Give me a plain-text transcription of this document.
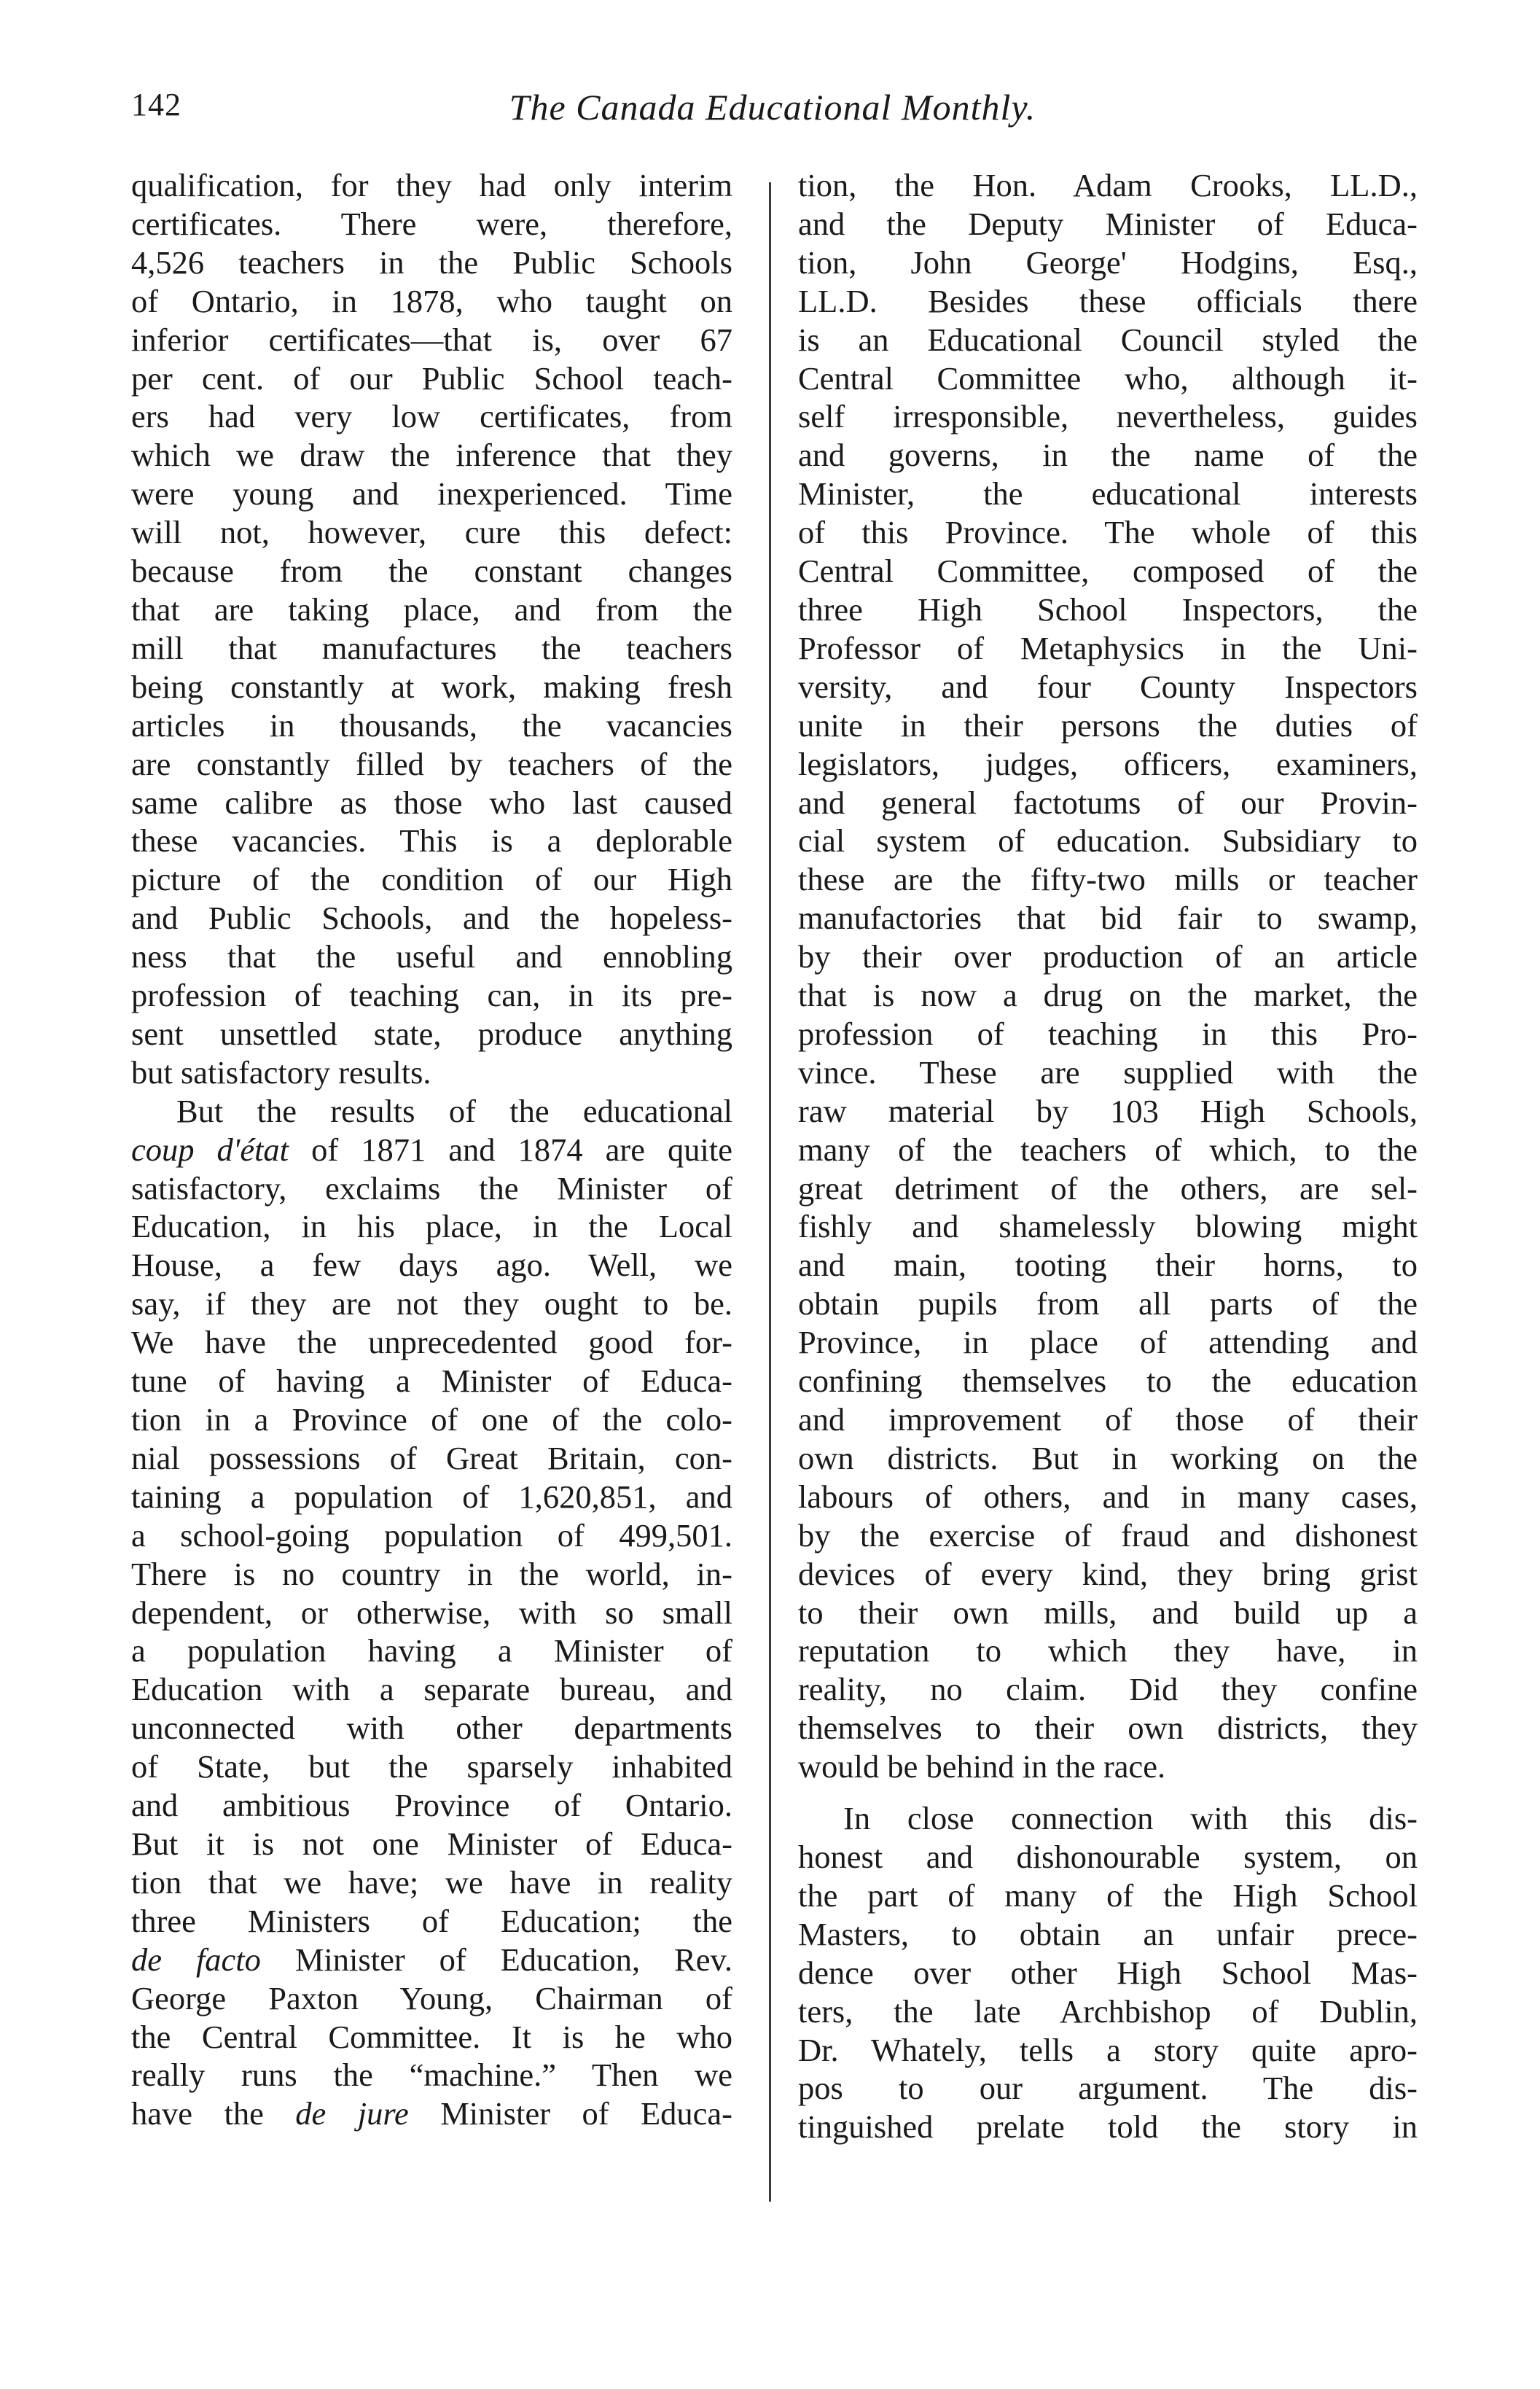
142	The Canada Educational Monthly.

qualification, for they had only interim
certificates. There were, therefore,
4,526 teachers in the Public Schools
of Ontario, in 1878, who taught on
inferior certificates—that is, over 67
per cent. of our Public School teach-
ers had very low certificates, from
which we draw the inference that they
were young and inexperienced. Time
will not, however, cure this defect:
because from the constant changes
that are taking place, and from the
mill that manufactures the teachers
being constantly at work, making fresh
articles in thousands, the vacancies
are constantly filled by teachers of the
same calibre as those who last caused
these vacancies. This is a deplorable
picture of the condition of our High
and Public Schools, and the hopeless-
ness that the useful and ennobling
profession of teaching can, in its pre-
sent unsettled state, produce anything
but satisfactory results.

But the results of the educational
coup d'état of 1871 and 1874 are quite
satisfactory, exclaims the Minister of
Education, in his place, in the Local
House, a few days ago. Well, we
say, if they are not they ought to be.
We have the unprecedented good for-
tune of having a Minister of Educa-
tion in a Province of one of the colo-
nial possessions of Great Britain, con-
taining a population of 1,620,851, and
a school-going population of 499,501.
There is no country in the world, in-
dependent, or otherwise, with so small
a population having a Minister of
Education with a separate bureau, and
unconnected with other departments
of State, but the sparsely inhabited
and ambitious Province of Ontario.
But it is not one Minister of Educa-
tion that we have; we have in reality
three Ministers of Education; the
de facto Minister of Education, Rev.
George Paxton Young, Chairman of
the Central Committee. It is he who
really runs the “machine.” Then we
have the de jure Minister of Educa-

tion, the Hon. Adam Crooks, LL.D.,
and the Deputy Minister of Educa-
tion, John George' Hodgins, Esq.,
LL.D. Besides these officials there
is an Educational Council styled the
Central Committee who, although it-
self irresponsible, nevertheless, guides
and governs, in the name of the
Minister, the educational interests
of this Province. The whole of this
Central Committee, composed of the
three High School Inspectors, the
Professor of Metaphysics in the Uni-
versity, and four County Inspectors
unite in their persons the duties of
legislators, judges, officers, examiners,
and general factotums of our Provin-
cial system of education. Subsidiary to
these are the fifty-two mills or teacher
manufactories that bid fair to swamp,
by their over production of an article
that is now a drug on the market, the
profession of teaching in this Pro-
vince. These are supplied with the
raw material by 103 High Schools,
many of the teachers of which, to the
great detriment of the others, are sel-
fishly and shamelessly blowing might
and main, tooting their horns, to
obtain pupils from all parts of the
Province, in place of attending and
confining themselves to the education
and improvement of those of their
own districts. But in working on the
labours of others, and in many cases,
by the exercise of fraud and dishonest
devices of every kind, they bring grist
to their own mills, and build up a
reputation to which they have, in
reality, no claim. Did they confine
themselves to their own districts, they
would be behind in the race.

In close connection with this dis-
honest and dishonourable system, on
the part of many of the High School
Masters, to obtain an unfair prece-
dence over other High School Mas-
ters, the late Archbishop of Dublin,
Dr. Whately, tells a story quite apro-
pos to our argument. The dis-
tinguished prelate told the story in
